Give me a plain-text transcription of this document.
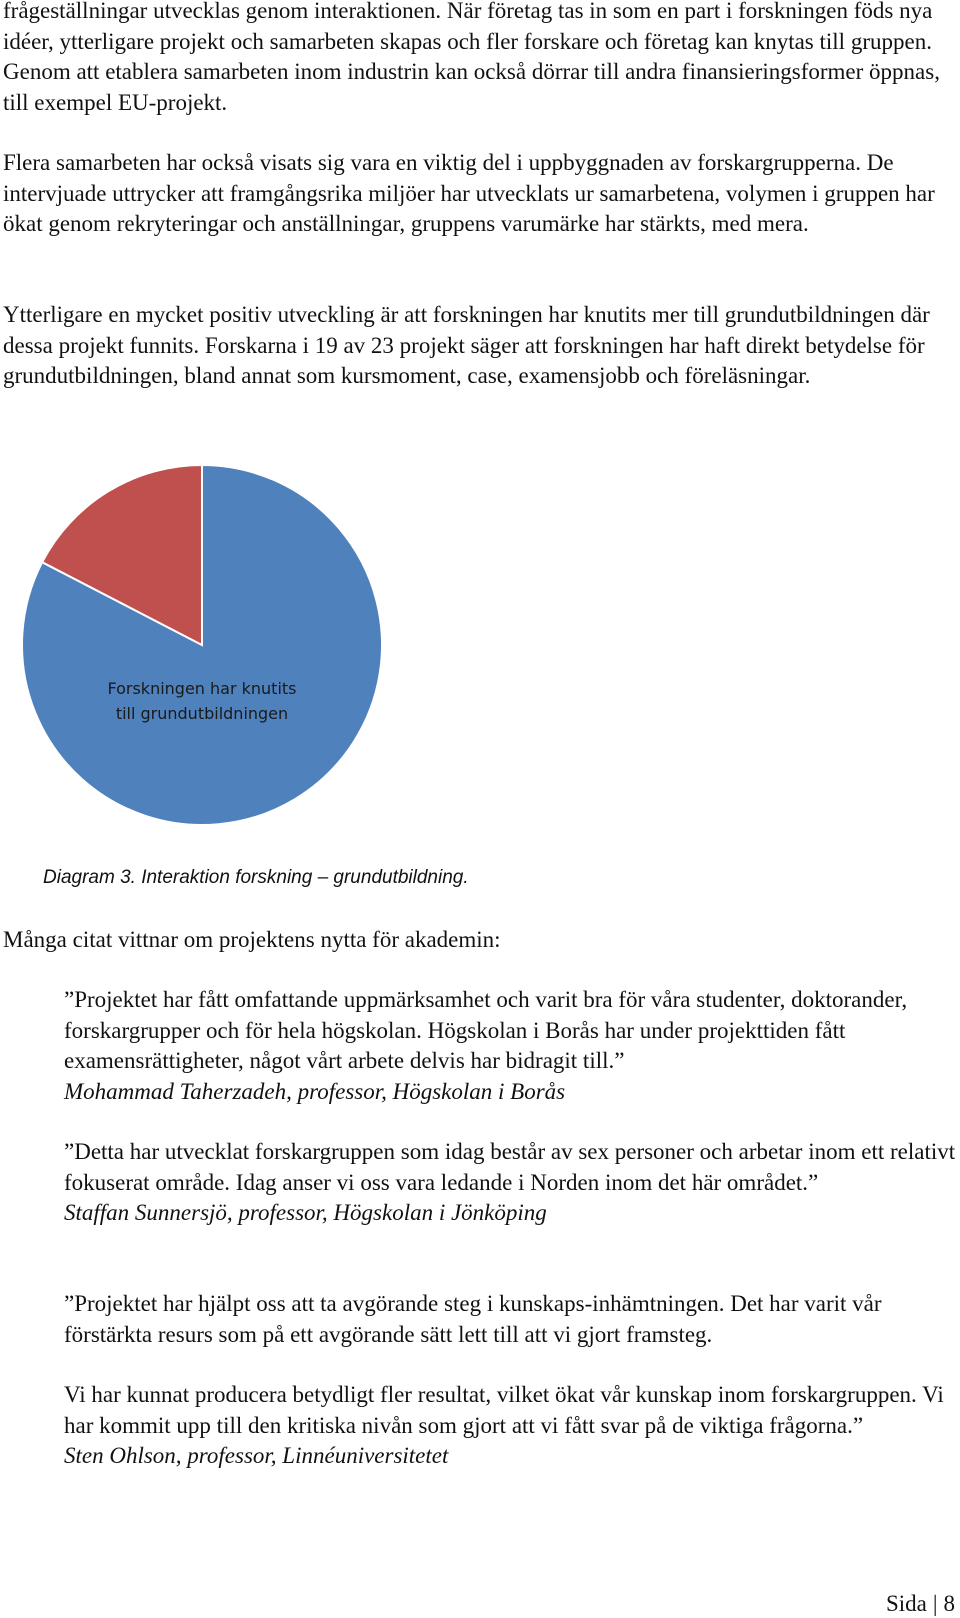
frågeställningar utvecklas genom interaktionen. När företag tas in som en part i forskningen föds nya idéer, ytterligare projekt och samarbeten skapas och fler forskare och företag kan knytas till gruppen. Genom att etablera samarbeten inom industrin kan också dörrar till andra finansieringsformer öppnas, till exempel EU-projekt.

Flera samarbeten har också visats sig vara en viktig del i uppbyggnaden av forskargrupperna. De intervjuade uttrycker att framgångsrika miljöer har utvecklats ur samarbetena, volymen i gruppen har ökat genom rekryteringar och anställningar, gruppens varumärke har stärkts, med mera.

Ytterligare en mycket positiv utveckling är att forskningen har knutits mer till grundutbildningen där dessa projekt funnits. Forskarna i 19 av 23 projekt säger att forskningen har haft direkt betydelse för grundutbildningen, bland annat som kursmoment, case, examensjobb och föreläsningar.

Forskningen har knutits
till grundutbildningen

Diagram 3. Interaktion forskning – grundutbildning.

Många citat vittnar om projektens nytta för akademin:

”Projektet har fått omfattande uppmärksamhet och varit bra för våra studenter, doktorander, forskargrupper och för hela högskolan. Högskolan i Borås har under projekttiden fått examensrättigheter, något vårt arbete delvis har bidragit till.”
Mohammad Taherzadeh, professor, Högskolan i Borås
”Detta har utvecklat forskargruppen som idag består av sex personer och arbetar inom ett relativt fokuserat område. Idag anser vi oss vara ledande i Norden inom det här området.”
Staffan Sunnersjö, professor, Högskolan i Jönköping
”Projektet har hjälpt oss att ta avgörande steg i kunskaps-inhämtningen. Det har varit vår förstärkta resurs som på ett avgörande sätt lett till att vi gjort framsteg.
Vi har kunnat producera betydligt fler resultat, vilket ökat vår kunskap inom forskargruppen. Vi har kommit upp till den kritiska nivån som gjort att vi fått svar på de viktiga frågorna.”
Sten Ohlson, professor, Linnéuniversitetet
Sida | 8
